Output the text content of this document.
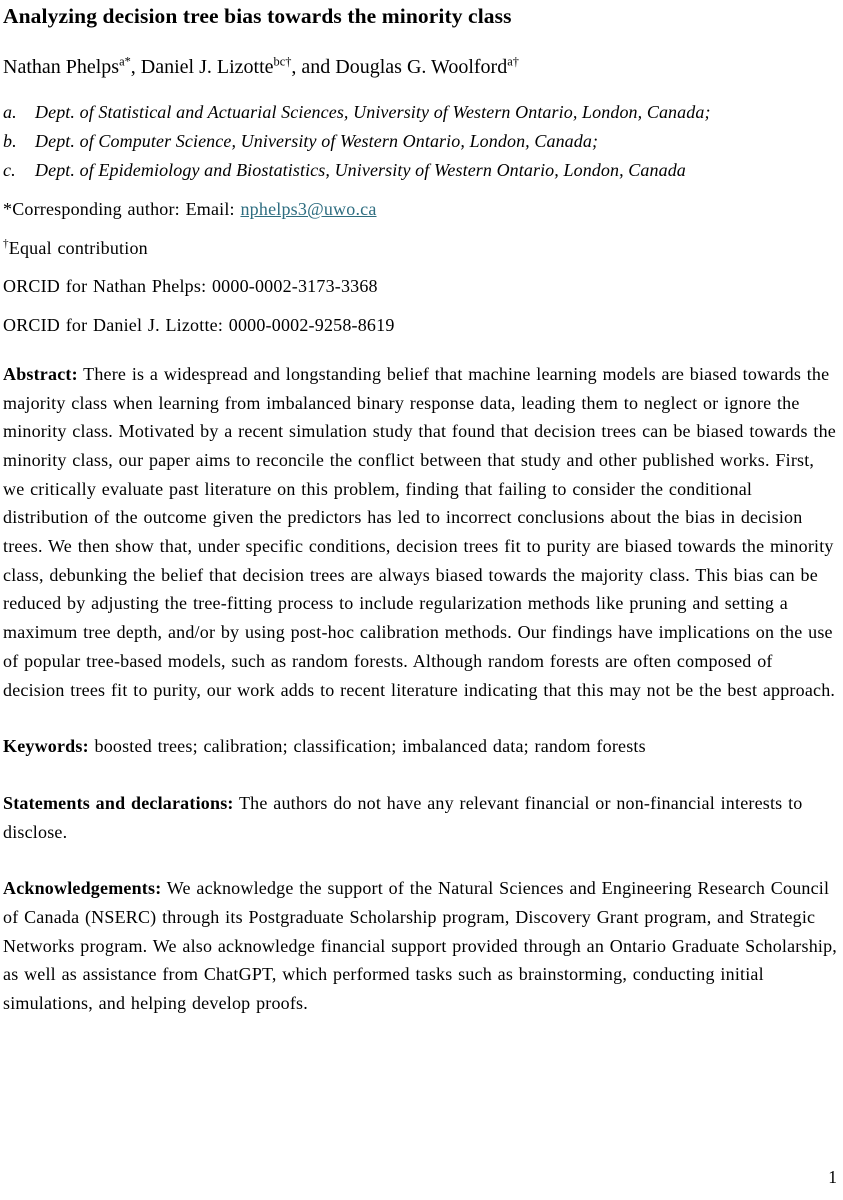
Analyzing decision tree bias towards the minority class

Nathan Phelps$^{a*}$, Daniel J. Lizotte$^{bc\dagger}$, and Douglas G. Woolford$^{a\dagger}$

a.	Dept. of Statistical and Actuarial Sciences, University of Western Ontario, London, Canada;
b.	Dept. of Computer Science, University of Western Ontario, London, Canada;
c.	Dept. of Epidemiology and Biostatistics, University of Western Ontario, London, Canada

*Corresponding author: Email: nphelps3@uwo.ca

†Equal contribution

ORCID for Nathan Phelps: 0000-0002-3173-3368

ORCID for Daniel J. Lizotte: 0000-0002-9258-8619

Abstract: There is a widespread and longstanding belief that machine learning models are biased towards the majority class when learning from imbalanced binary response data, leading them to neglect or ignore the minority class. Motivated by a recent simulation study that found that decision trees can be biased towards the minority class, our paper aims to reconcile the conflict between that study and other published works. First, we critically evaluate past literature on this problem, finding that failing to consider the conditional distribution of the outcome given the predictors has led to incorrect conclusions about the bias in decision trees. We then show that, under specific conditions, decision trees fit to purity are biased towards the minority class, debunking the belief that decision trees are always biased towards the majority class. This bias can be reduced by adjusting the tree-fitting process to include regularization methods like pruning and setting a maximum tree depth, and/or by using post-hoc calibration methods. Our findings have implications on the use of popular tree-based models, such as random forests. Although random forests are often composed of decision trees fit to purity, our work adds to recent literature indicating that this may not be the best approach.

Keywords: boosted trees; calibration; classification; imbalanced data; random forests

Statements and declarations: The authors do not have any relevant financial or non-financial interests to disclose.

Acknowledgements: We acknowledge the support of the Natural Sciences and Engineering Research Council of Canada (NSERC) through its Postgraduate Scholarship program, Discovery Grant program, and Strategic Networks program. We also acknowledge financial support provided through an Ontario Graduate Scholarship, as well as assistance from ChatGPT, which performed tasks such as brainstorming, conducting initial simulations, and helping develop proofs.

1
